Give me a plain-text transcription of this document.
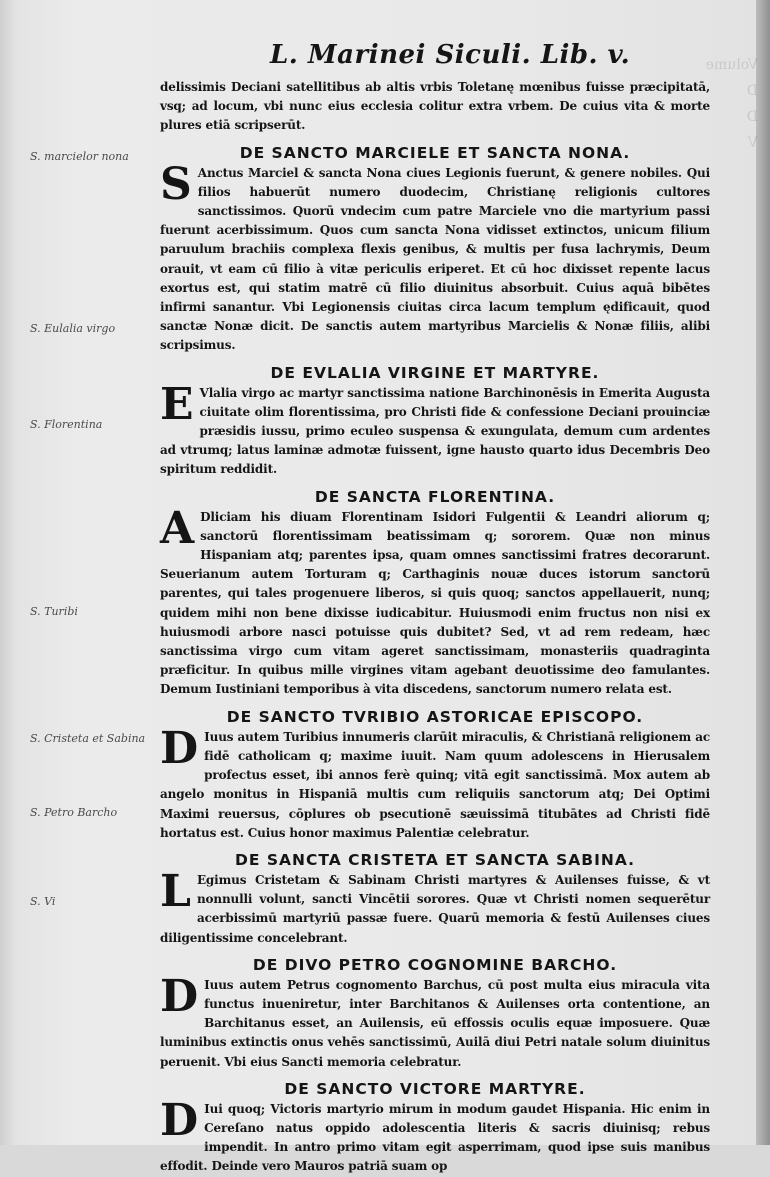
Volume
D
D
V

L. Marinei Siculi. Lib. v.
S. marcielor nona
S. Eulalia virgo
S. Florentina
S. Turibi
S. Cristeta et Sabina
S. Petro Barcho
S. Vi

delissimis Deciani satellitibus ab altis vrbis Toletanę mœnibus fuisse præcipitatā, vsq; ad locum, vbi nunc eius ecclesia colitur extra vrbem. De cuius vita & morte plures etiā scripserūt.

DE SANCTO MARCIELE ET SANCTA NONA.
S Anctus Marciel & sancta Nona ciues Legionis fuerunt, & genere nobiles. Qui filios habuerūt numero duodecim, Christianę religionis cultores sanctissimos. Quorū vndecim cum patre Marciele vno die martyrium passi fuerunt acerbissimum. Quos cum sancta Nona vidisset extinctos, unicum filium paruulum brachiis complexa flexis genibus, & multis per fusa lachrymis, Deum orauit, vt eam cū filio à vitæ periculis eriperet. Et cū hoc dixisset repente lacus exortus est, qui statim matrē cū filio diuinitus absorbuit. Cuius aquā bibētes infirmi sanantur. Vbi Legionensis ciuitas circa lacum templum ędificauit, quod sanctæ Nonæ dicit. De sanctis autem martyribus Marcielis & Nonæ filiis, alibi scripsimus.

DE EVLALIA VIRGINE ET MARTYRE.
E Vlalia virgo ac martyr sanctissima natione Barchinonēsis in Emerita Augusta ciuitate olim florentissima, pro Christi fide & confessione Deciani prouinciæ præsidis iussu, primo eculeo suspensa & exungulata, demum cum ardentes ad vtrumq; latus laminæ admotæ fuissent, igne hausto quarto idus Decembris Deo spiritum reddidit.

DE SANCTA FLORENTINA.
A Dliciam his diuam Florentinam Isidori Fulgentii & Leandri aliorum q; sanctorū florentissimam beatissimam q; sororem. Quæ non minus Hispaniam atq; parentes ipsa, quam omnes sanctissimi fratres decorarunt. Seuerianum autem Torturam q; Carthaginis nouæ duces istorum sanctorū parentes, qui tales progenuere liberos, si quis quoq; sanctos appellauerit, nunq; quidem mihi non bene dixisse iudicabitur. Huiusmodi enim fructus non nisi ex huiusmodi arbore nasci potuisse quis dubitet? Sed, vt ad rem redeam, hæc sanctissima virgo cum vitam ageret sanctissimam, monasteriis quadraginta præficitur. In quibus mille virgines vitam agebant deuotissime deo famulantes. Demum Iustiniani temporibus à vita discedens, sanctorum numero relata est.

DE SANCTO TVRIBIO ASTORICAE EPISCOPO.
D Iuus autem Turibius innumeris clarūit miraculis, & Christianā religionem ac fidē catholicam q; maxime iuuit. Nam quum adolescens in Hierusalem profectus esset, ibi annos ferè quinq; vitā egit sanctissimā. Mox autem ab angelo monitus in Hispaniā multis cum reliquiis sanctorum atq; Dei Optimi Maximi reuersus, cōplures ob psecutionē sæuissimā titubātes ad Christi fidē hortatus est. Cuius honor maximus Palentiæ celebratur.

DE SANCTA CRISTETA ET SANCTA SABINA.
L Egimus Cristetam & Sabinam Christi martyres & Auilenses fuisse, & vt nonnulli volunt, sancti Vincētii sorores. Quæ vt Christi nomen sequerētur acerbissimū martyriū passæ fuere. Quarū memoria & festū Auilenses ciues diligentissime concelebrant.

DE DIVO PETRO COGNOMINE BARCHO.
D Iuus autem Petrus cognomento Barchus, cū post multa eius miracula vita functus inueniretur, inter Barchitanos & Auilenses orta contentione, an Barchitanus esset, an Auilensis, eū effossis oculis equæ imposuere. Quæ luminibus extinctis onus vehēs sanctissimū, Auilā diui Petri natale solum diuinitus peruenit. Vbi eius Sancti memoria celebratur.

DE SANCTO VICTORE MARTYRE.
D Iui quoq; Victoris martyrio mirum in modum gaudet Hispania. Hic enim in Cereſano natus oppido adolescentia literis & sacris diuinisq; rebus impendit. In antro primo vitam egit asperrimam, quod ipse suis manibus effodit. Deinde vero Mauros patriā suam op
